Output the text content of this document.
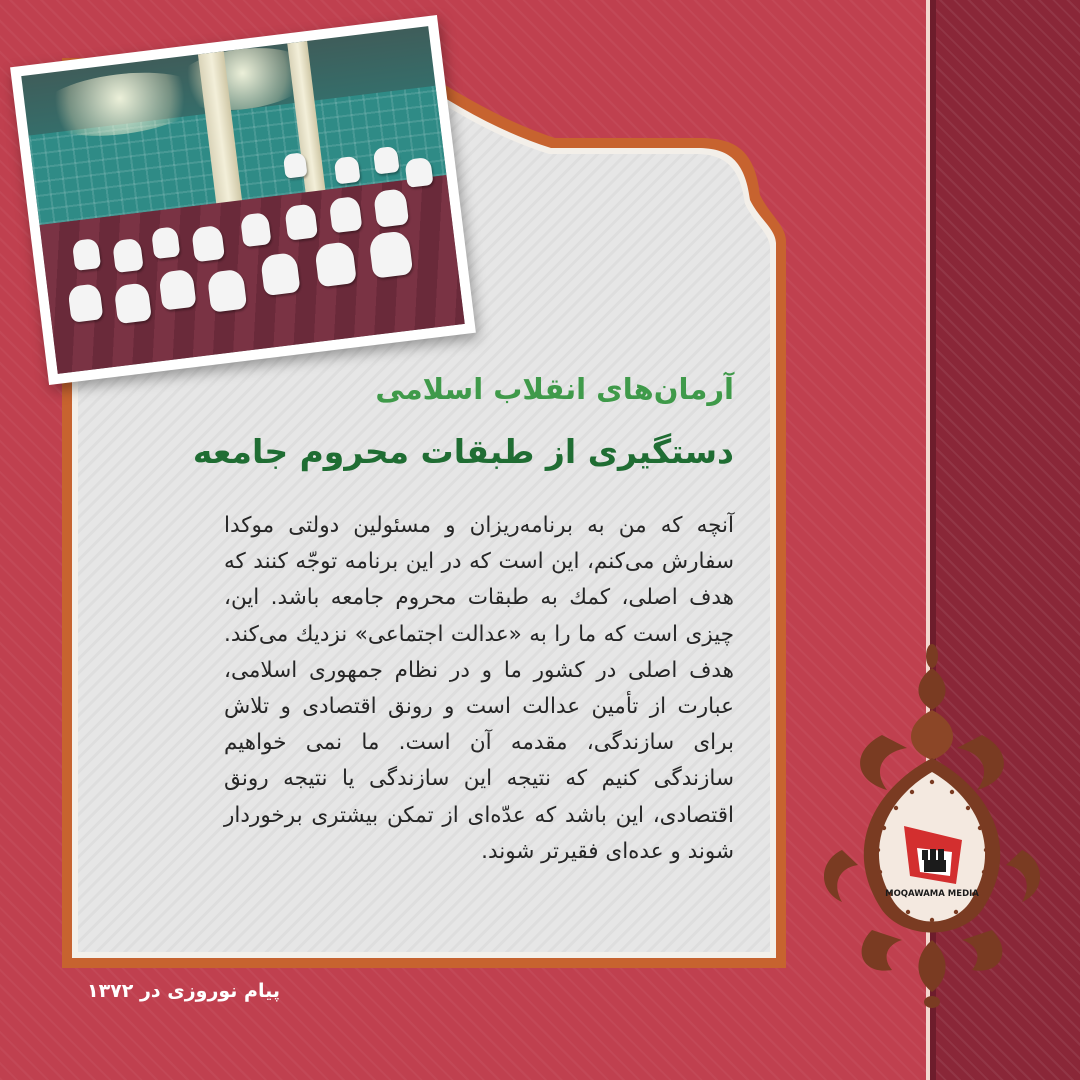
آرمان‌های انقلاب اسلامی

دستگیری از طبقات محروم جامعه

آنچه که من به برنامه‌ریزان و مسئولین دولتی موکدا سفارش می‌کنم، این است که در این برنامه توجّه کنند که هدف اصلی، کمك به طبقات محروم جامعه باشد. این، چیزی است که ما را به «عدالت اجتماعی» نزدیك می‌کند. هدف اصلی در کشور ما و در نظام جمهوری اسلامی، عبارت از تأمین عدالت است و رونق اقتصادی و تلاش برای سازندگی، مقدمه آن است. ما نمی خواهیم سازندگی کنیم که نتیجه این سازندگی یا نتیجه رونق اقتصادی، این باشد که عدّه‌ای از تمکن بیشتری برخوردار شوند و عده‌ای فقیرتر شوند.

پیام نوروزی در ۱۳۷۲

MOQAWAMA MEDIA
